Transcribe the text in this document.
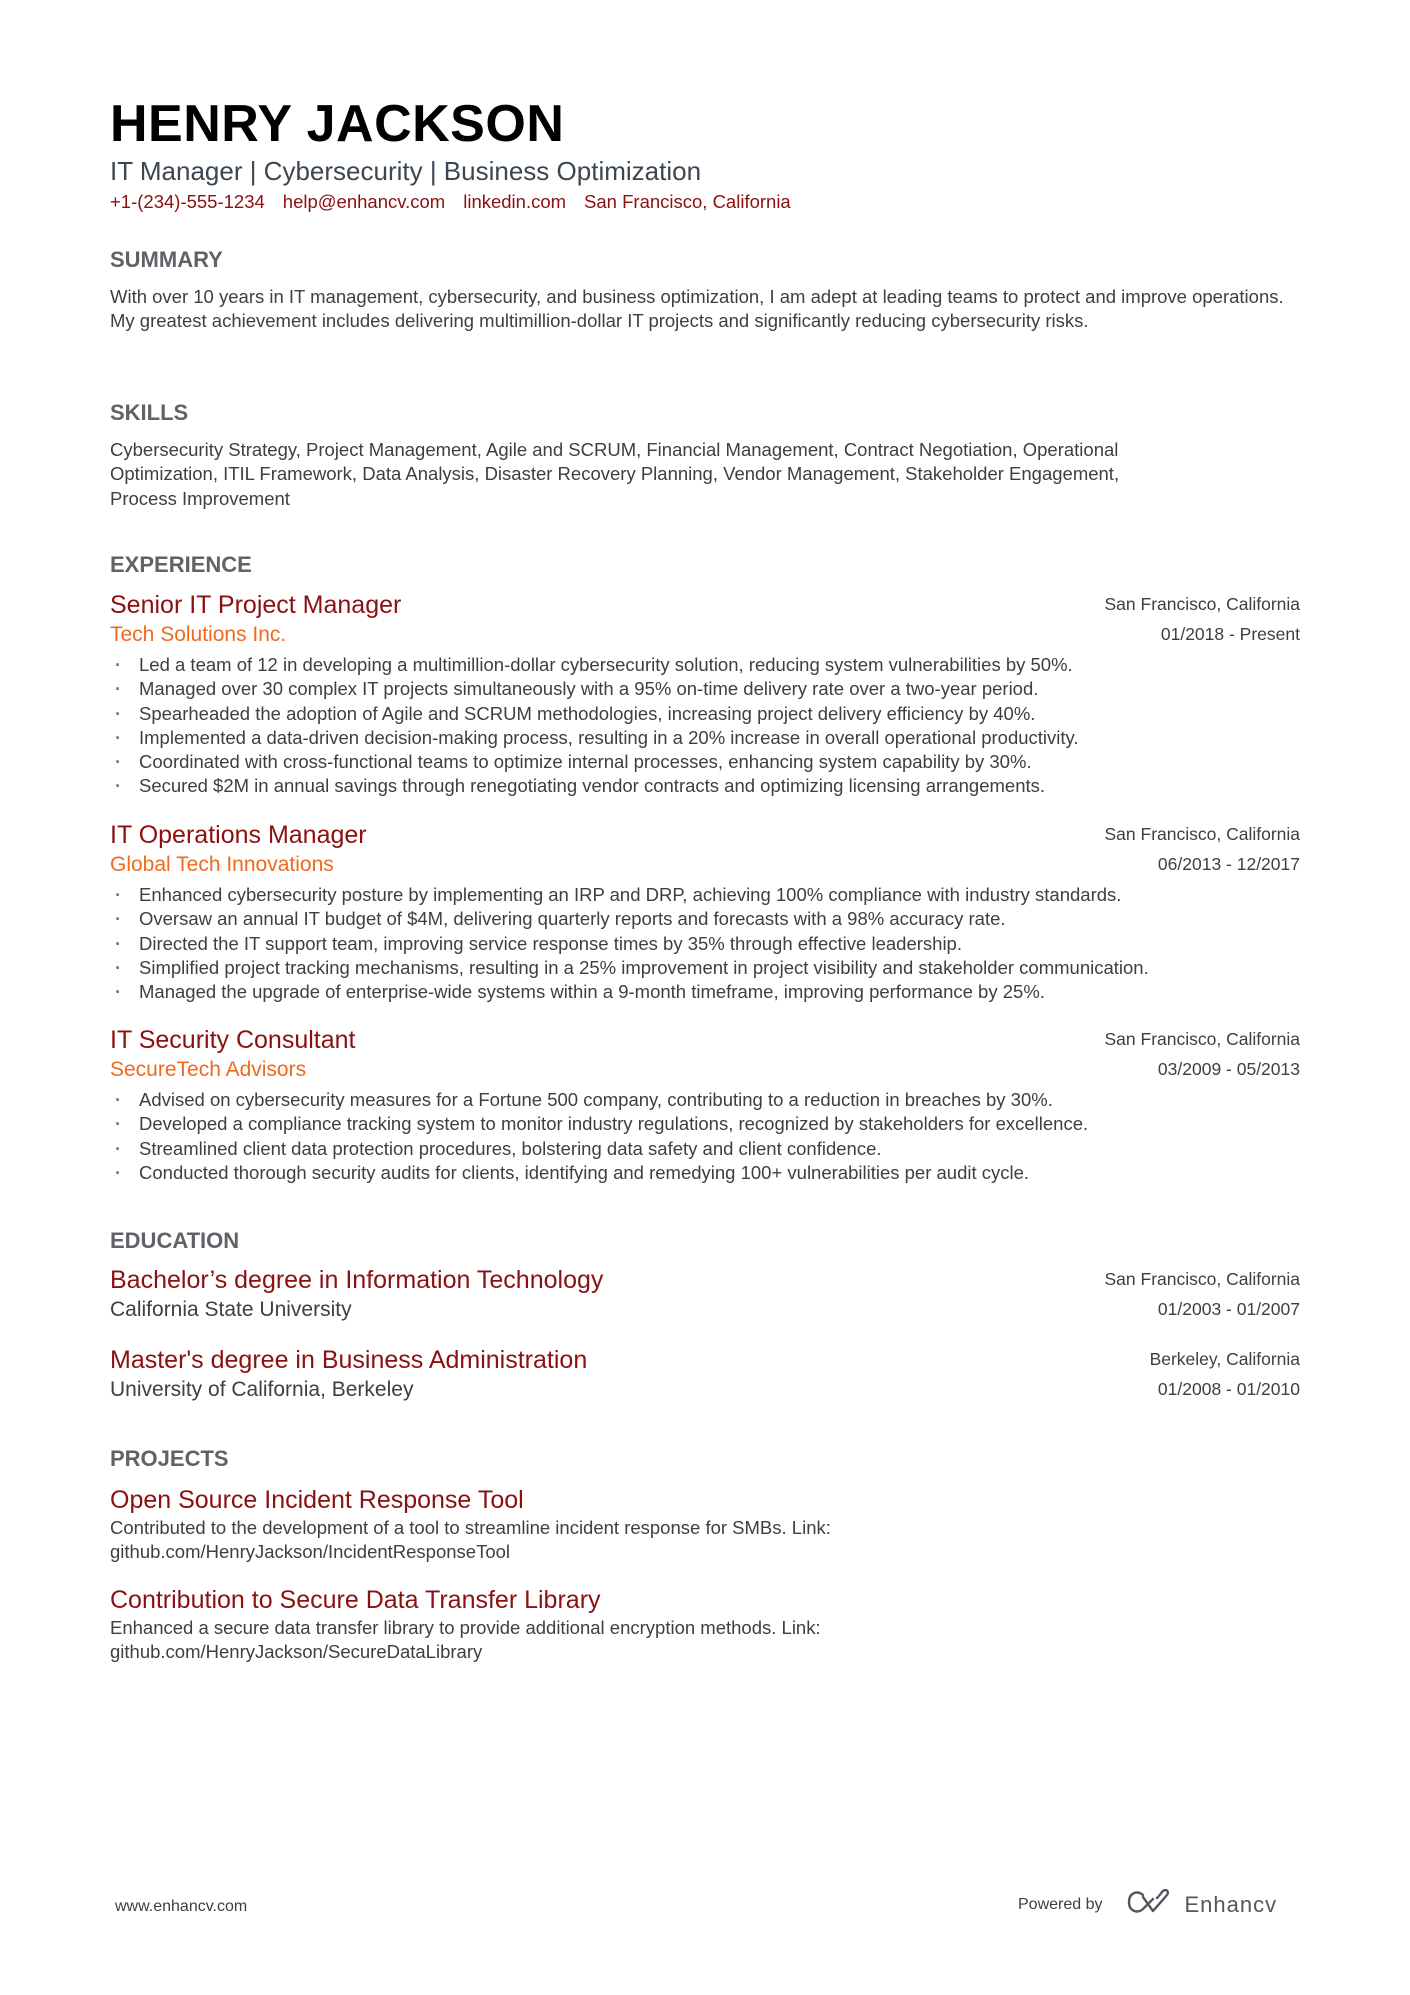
HENRY JACKSON
IT Manager | Cybersecurity | Business Optimization
+1-(234)-555-1234 help@enhancv.com linkedin.com San Francisco, California
SUMMARY

With over 10 years in IT management, cybersecurity, and business optimization, I am adept at leading teams to protect and improve operations. My greatest achievement includes delivering multimillion-dollar IT projects and significantly reducing cybersecurity risks.

SKILLS

Cybersecurity Strategy, Project Management, Agile and SCRUM, Financial Management, Contract Negotiation, Operational Optimization, ITIL Framework, Data Analysis, Disaster Recovery Planning, Vendor Management, Stakeholder Engagement, Process Improvement

EXPERIENCE
Senior IT Project Manager
Tech Solutions Inc.
San Francisco, California
01/2018 - Present
· Led a team of 12 in developing a multimillion-dollar cybersecurity solution, reducing system vulnerabilities by 50%.
· Managed over 30 complex IT projects simultaneously with a 95% on-time delivery rate over a two-year period.
· Spearheaded the adoption of Agile and SCRUM methodologies, increasing project delivery efficiency by 40%.
· Implemented a data-driven decision-making process, resulting in a 20% increase in overall operational productivity.
· Coordinated with cross-functional teams to optimize internal processes, enhancing system capability by 30%.
· Secured $2M in annual savings through renegotiating vendor contracts and optimizing licensing arrangements.
IT Operations Manager
Global Tech Innovations
San Francisco, California
06/2013 - 12/2017
· Enhanced cybersecurity posture by implementing an IRP and DRP, achieving 100% compliance with industry standards.
· Oversaw an annual IT budget of $4M, delivering quarterly reports and forecasts with a 98% accuracy rate.
· Directed the IT support team, improving service response times by 35% through effective leadership.
· Simplified project tracking mechanisms, resulting in a 25% improvement in project visibility and stakeholder communication.
· Managed the upgrade of enterprise-wide systems within a 9-month timeframe, improving performance by 25%.
IT Security Consultant
SecureTech Advisors
San Francisco, California
03/2009 - 05/2013
· Advised on cybersecurity measures for a Fortune 500 company, contributing to a reduction in breaches by 30%.
· Developed a compliance tracking system to monitor industry regulations, recognized by stakeholders for excellence.
· Streamlined client data protection procedures, bolstering data safety and client confidence.
· Conducted thorough security audits for clients, identifying and remedying 100+ vulnerabilities per audit cycle.
EDUCATION
Bachelor’s degree in Information Technology
California State University
San Francisco, California
01/2003 - 01/2007
Master's degree in Business Administration
University of California, Berkeley
Berkeley, California
01/2008 - 01/2010
PROJECTS
Open Source Incident Response Tool
Contributed to the development of a tool to streamline incident response for SMBs. Link: github.com/HenryJackson/IncidentResponseTool
Contribution to Secure Data Transfer Library
Enhanced a secure data transfer library to provide additional encryption methods. Link: github.com/HenryJackson/SecureDataLibrary
www.enhancv.com	Powered by	Enhancv
